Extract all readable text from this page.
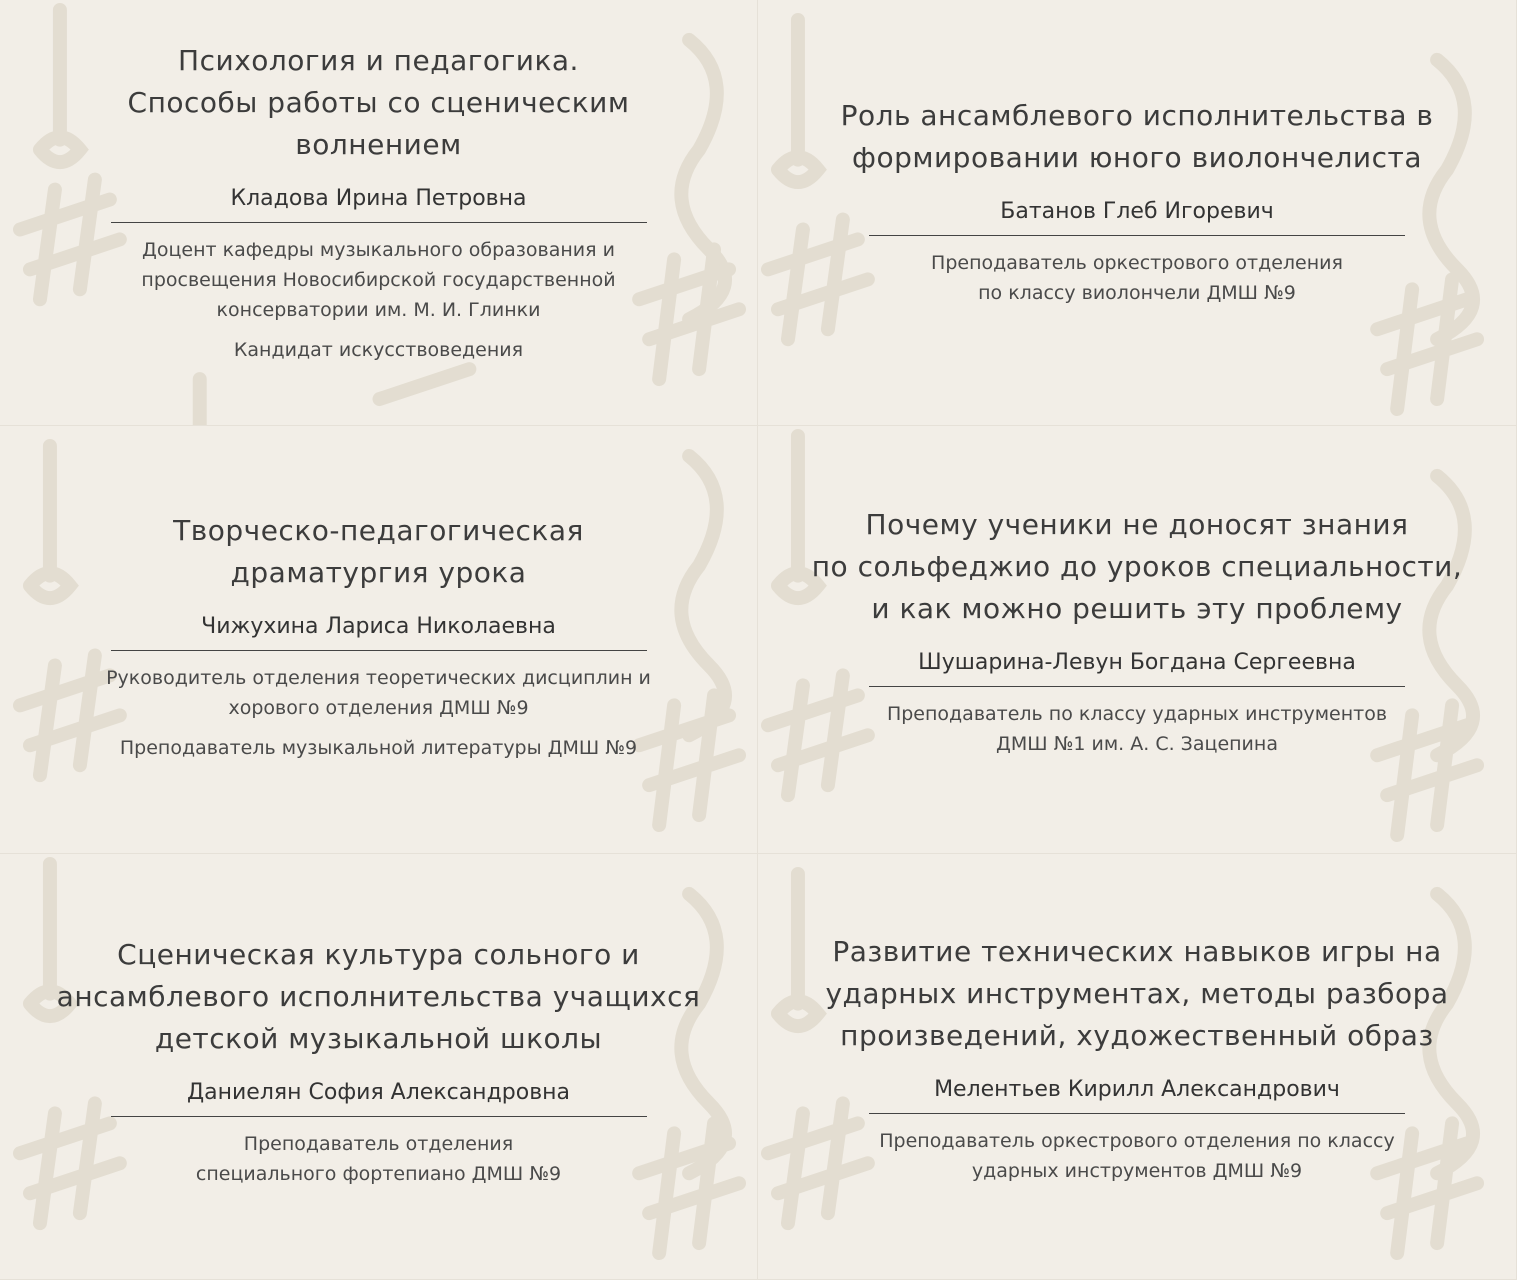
Психология и педагогика.
Способы работы со сценическим
волнением
Кладова Ирина Петровна
Доцент кафедры музыкального образования и
просвещения Новосибирской государственной
консерватории им. М. И. Глинки
Кандидат искусствоведения
Роль ансамблевого исполнительства в
формировании юного виолончелиста
Батанов Глеб Игоревич
Преподаватель оркестрового отделения
по классу виолончели ДМШ №9
Творческо-педагогическая
драматургия урока
Чижухина Лариса Николаевна
Руководитель отделения теоретических дисциплин и
хорового отделения ДМШ №9
Преподаватель музыкальной литературы ДМШ №9
Почему ученики не доносят знания
по сольфеджио до уроков специальности,
и как можно решить эту проблему
Шушарина-Левун Богдана Сергеевна
Преподаватель по классу ударных инструментов
ДМШ №1 им. А. С. Зацепина
Сценическая культура сольного и
ансамблевого исполнительства учащихся
детской музыкальной школы
Даниелян София Александровна
Преподаватель отделения
специального фортепиано ДМШ №9
Развитие технических навыков игры на
ударных инструментах, методы разбора
произведений, художественный образ
Мелентьев Кирилл Александрович
Преподаватель оркестрового отделения по классу
ударных инструментов ДМШ №9
